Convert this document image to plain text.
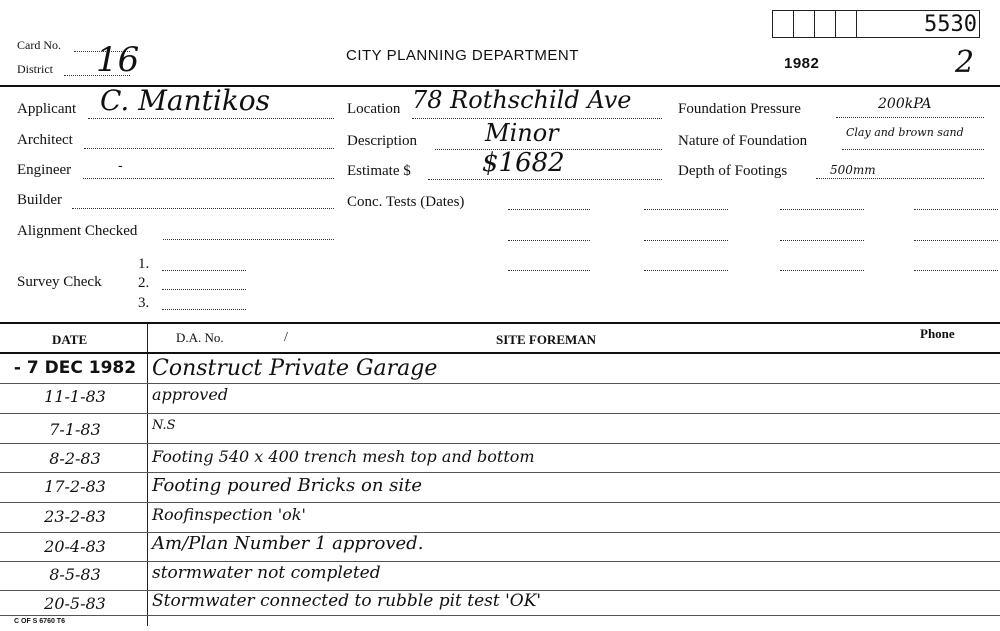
5530
Card No.
District 16	CITY PLANNING DEPARTMENT	1982	2
Applicant C. Mantikos
Architect
Engineer	-
Builder
Alignment Checked
Survey Check
1.
2.
3.
Location 78 Rothschild Ave
Description	Minor
Estimate $	$1682
Conc. Tests (Dates)
Foundation Pressure	200kPA
Nature of Foundation
Clay and brown sand
Depth of Footings	500mm
DATE	D.A. No.	/	SITE FOREMAN	Phone
- 7 DEC 1982 Construct Private Garage
11-1-83	approved
7-1-83	N.S
8-2-83	Footing 540 x 400 trench mesh top and bottom
17-2-83	Footing poured Bricks on site
23-2-83	Roofinspection 'ok'
20-4-83	Am/Plan Number 1 approved.
8-5-83	stormwater not completed
20-5-83	Stormwater connected to rubble pit test 'OK'
C OF S 6760 T6
